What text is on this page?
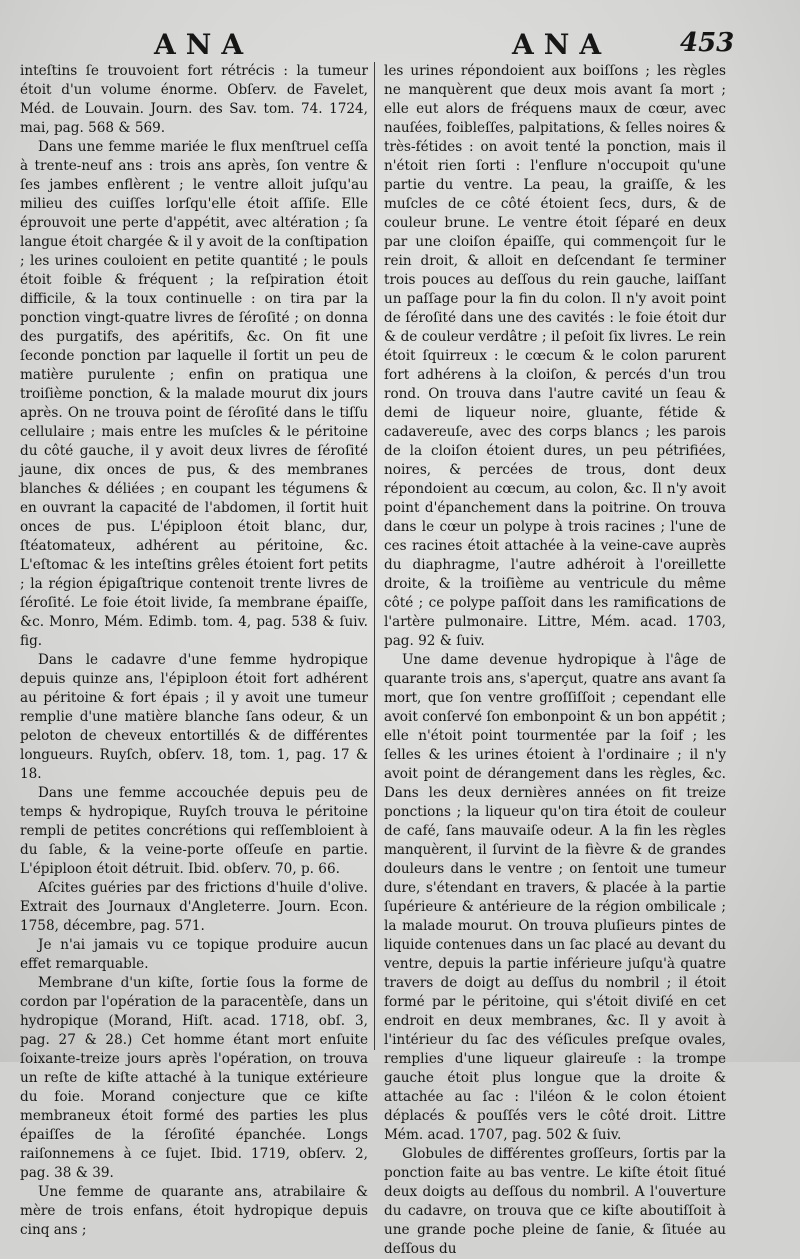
ANA	ANA	453

inteſtins ſe trouvoient fort rétrécis : la tumeur étoit d'un volume énorme. Obſerv. de Favelet, Méd. de Louvain. Journ. des Sav. tom. 74. 1724, mai, pag. 568 & 569.

Dans une femme mariée le flux menſtruel ceſſa à trente-neuf ans : trois ans après, ſon ventre & ſes jambes enflèrent ; le ventre alloit juſqu'au milieu des cuiſſes lorſqu'elle étoit aſſiſe. Elle éprouvoit une perte d'appétit, avec altération ; ſa langue étoit chargée & il y avoit de la conſtipation ; les urines couloient en petite quantité ; le pouls étoit foible & fréquent ; la reſpiration étoit difficile, & la toux continuelle : on tira par la ponction vingt-quatre livres de ſéroſité ; on donna des purgatifs, des apéritifs, &c. On fit une ſeconde ponction par laquelle il ſortit un peu de matière purulente ; enfin on pratiqua une troiſième ponction, & la malade mourut dix jours après. On ne trouva point de ſéroſité dans le tiſſu cellulaire ; mais entre les muſcles & le péritoine du côté gauche, il y avoit deux livres de ſéroſité jaune, dix onces de pus, & des membranes blanches & déliées ; en coupant les tégumens & en ouvrant la capacité de l'abdomen, il ſortit huit onces de pus. L'épiploon étoit blanc, dur, ſtéatomateux, adhérent au péritoine, &c. L'eſtomac & les inteſtins grêles étoient fort petits ; la région épigaſtrique contenoit trente livres de ſéroſité. Le foie étoit livide, ſa membrane épaiſſe, &c. Monro, Mém. Edimb. tom. 4, pag. 538 & ſuiv. fig.

Dans le cadavre d'une femme hydropique depuis quinze ans, l'épiploon étoit fort adhérent au péritoine & fort épais ; il y avoit une tumeur remplie d'une matière blanche ſans odeur, & un peloton de cheveux entortillés & de différentes longueurs. Ruyſch, obſerv. 18, tom. 1, pag. 17 & 18.

Dans une femme accouchée depuis peu de temps & hydropique, Ruyſch trouva le péritoine rempli de petites concrétions qui reſſembloient à du ſable, & la veine-porte oſſeuſe en partie. L'épiploon étoit détruit. Ibid. obſerv. 70, p. 66.

Aſcites guéries par des frictions d'huile d'olive. Extrait des Journaux d'Angleterre. Journ. Econ. 1758, décembre, pag. 571.

Je n'ai jamais vu ce topique produire aucun effet remarquable.

Membrane d'un kiſte, ſortie ſous la forme de cordon par l'opération de la paracentèſe, dans un hydropique (Morand, Hiſt. acad. 1718, obſ. 3, pag. 27 & 28.) Cet homme étant mort enſuite ſoixante-treize jours après l'opération, on trouva un reſte de kiſte attaché à la tunique extérieure du foie. Morand conjecture que ce kiſte membraneux étoit formé des parties les plus épaiſſes de la ſéroſité épanchée. Longs raiſonnemens à ce ſujet. Ibid. 1719, obſerv. 2, pag. 38 & 39.

Une femme de quarante ans, atrabilaire & mère de trois enfans, étoit hydropique depuis cinq ans ;

les urines répondoient aux boiſſons ; les règles ne manquèrent que deux mois avant ſa mort ; elle eut alors de fréquens maux de cœur, avec nauſées, foibleſſes, palpitations, & ſelles noires & très-fétides : on avoit tenté la ponction, mais il n'étoit rien ſorti : l'enflure n'occupoit qu'une partie du ventre. La peau, la graiſſe, & les muſcles de ce côté étoient ſecs, durs, & de couleur brune. Le ventre étoit ſéparé en deux par une cloiſon épaiſſe, qui commençoit ſur le rein droit, & alloit en deſcendant ſe terminer trois pouces au deſſous du rein gauche, laiſſant un paſſage pour la fin du colon. Il n'y avoit point de ſéroſité dans une des cavités : le foie étoit dur & de couleur verdâtre ; il peſoit ſix livres. Le rein étoit ſquirreux : le cœcum & le colon parurent fort adhérens à la cloiſon, & percés d'un trou rond. On trouva dans l'autre cavité un ſeau & demi de liqueur noire, gluante, fétide & cadavereuſe, avec des corps blancs ; les parois de la cloiſon étoient dures, un peu pétrifiées, noires, & percées de trous, dont deux répondoient au cœcum, au colon, &c. Il n'y avoit point d'épanchement dans la poitrine. On trouva dans le cœur un polype à trois racines ; l'une de ces racines étoit attachée à la veine-cave auprès du diaphragme, l'autre adhéroit à l'oreillette droite, & la troiſième au ventricule du même côté ; ce polype paſſoit dans les ramifications de l'artère pulmonaire. Littre, Mém. acad. 1703, pag. 92 & ſuiv.

Une dame devenue hydropique à l'âge de quarante trois ans, s'aperçut, quatre ans avant ſa mort, que ſon ventre groſſiſſoit ; cependant elle avoit conſervé ſon embonpoint & un bon appétit ; elle n'étoit point tourmentée par la ſoif ; les ſelles & les urines étoient à l'ordinaire ; il n'y avoit point de dérangement dans les règles, &c. Dans les deux dernières années on fit treize ponctions ; la liqueur qu'on tira étoit de couleur de café, ſans mauvaiſe odeur. A la fin les règles manquèrent, il ſurvint de la fièvre & de grandes douleurs dans le ventre ; on ſentoit une tumeur dure, s'étendant en travers, & placée à la partie ſupérieure & antérieure de la région ombilicale ; la malade mourut. On trouva pluſieurs pintes de liquide contenues dans un ſac placé au devant du ventre, depuis la partie inférieure juſqu'à quatre travers de doigt au deſſus du nombril ; il étoit formé par le péritoine, qui s'étoit diviſé en cet endroit en deux membranes, &c. Il y avoit à l'intérieur du ſac des véſicules preſque ovales, remplies d'une liqueur glaireuſe : la trompe gauche étoit plus longue que la droite & attachée au ſac : l'iléon & le colon étoient déplacés & pouſſés vers le côté droit. Littre Mém. acad. 1707, pag. 502 & ſuiv.

Globules de différentes groſſeurs, ſortis par la ponction faite au bas ventre. Le kiſte étoit ſitué deux doigts au deſſous du nombril. A l'ouverture du cadavre, on trouva que ce kiſte aboutiſſoit à une grande poche pleine de ſanie, & ſituée au deſſous du
